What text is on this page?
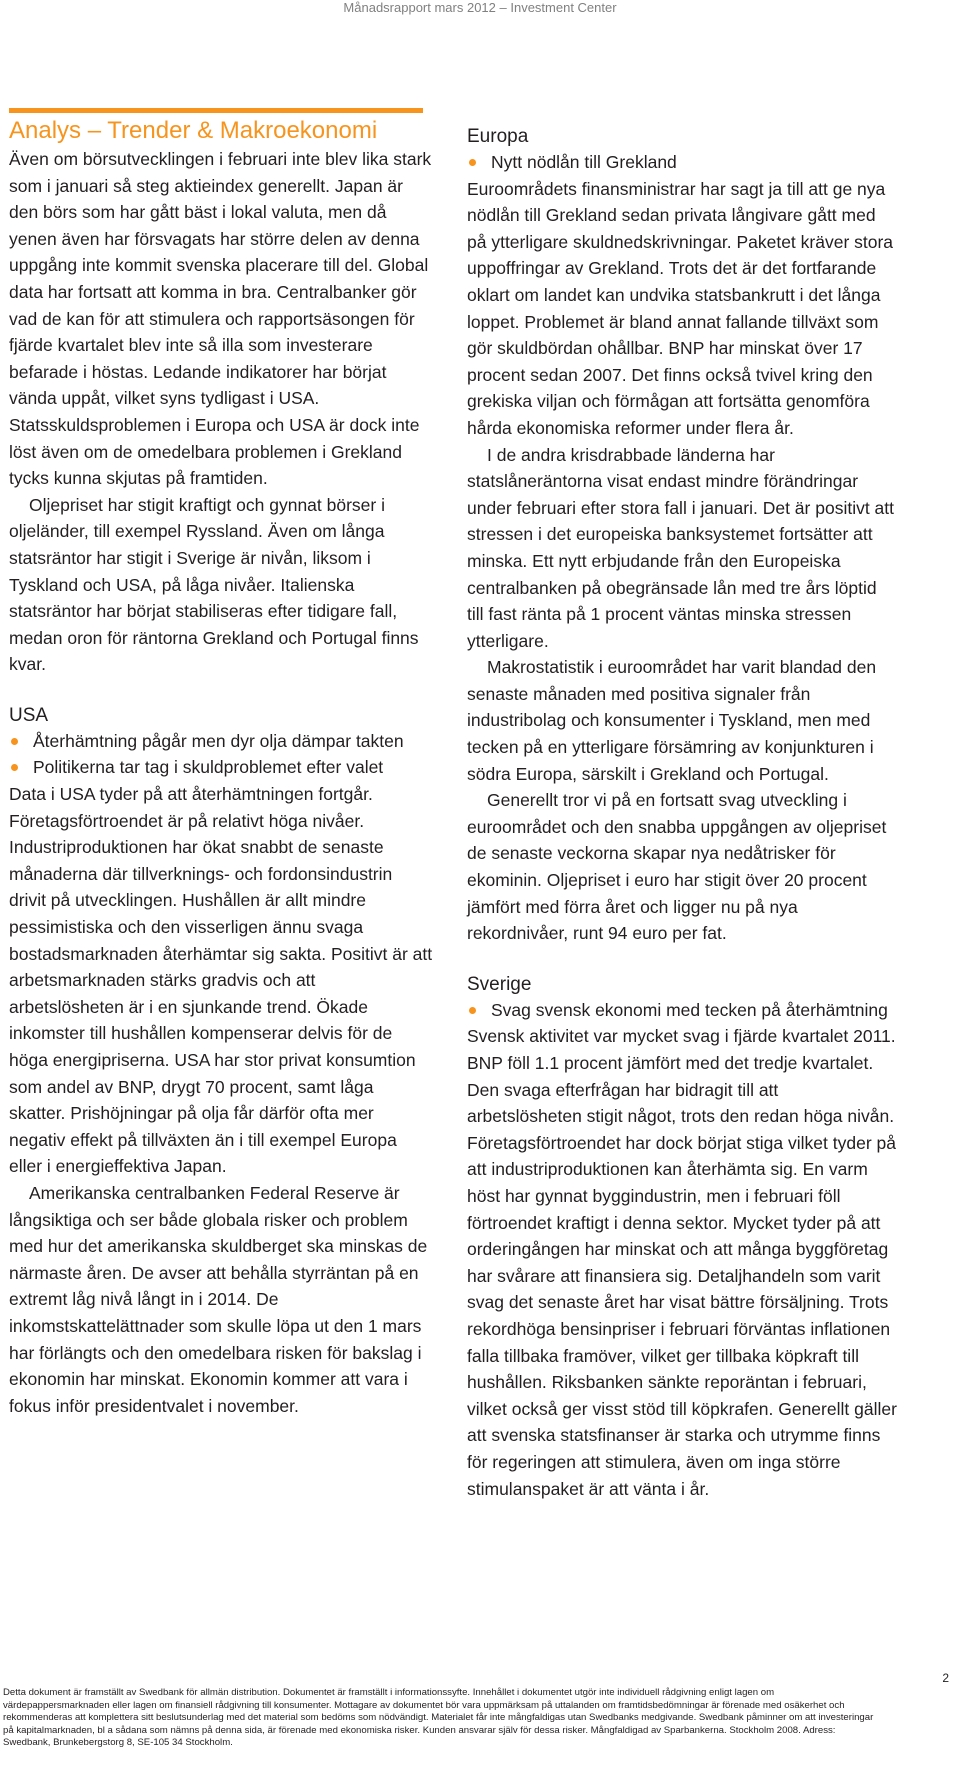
Månadsrapport mars 2012 – Investment Center
Analys – Trender & Makroekonomi

Även om börsutvecklingen i februari inte blev lika stark som i januari så steg aktieindex generellt. Japan är den börs som har gått bäst i lokal valuta, men då yenen även har försvagats har större delen av denna uppgång inte kommit svenska placerare till del. Global data har fortsatt att komma in bra. Centralbanker gör vad de kan för att stimulera och rapportsäsongen för fjärde kvartalet blev inte så illa som investerare befarade i höstas. Ledande indikatorer har börjat vända uppåt, vilket syns tydligast i USA. Statsskuldsproblemen i Europa och USA är dock inte löst även om de omedelbara problemen i Grekland tycks kunna skjutas på framtiden.

Oljepriset har stigit kraftigt och gynnat börser i oljeländer, till exempel Ryssland. Även om långa statsräntor har stigit i Sverige är nivån, liksom i Tyskland och USA, på låga nivåer. Italienska statsräntor har börjat stabiliseras efter tidigare fall, medan oron för räntorna Grekland och Portugal finns kvar.

USA
Återhämtning pågår men dyr olja dämpar takten
Politikerna tar tag i skuldproblemet efter valet

Data i USA tyder på att återhämtningen fortgår. Företagsförtroendet är på relativt höga nivåer. Industriproduktionen har ökat snabbt de senaste månaderna där tillverknings- och fordonsindustrin drivit på utvecklingen. Hushållen är allt mindre pessimistiska och den visserligen ännu svaga bostadsmarknaden återhämtar sig sakta. Positivt är att arbetsmarknaden stärks gradvis och att arbetslösheten är i en sjunkande trend. Ökade inkomster till hushållen kompenserar delvis för de höga energipriserna. USA har stor privat konsumtion som andel av BNP, drygt 70 procent, samt låga skatter. Prishöjningar på olja får därför ofta mer negativ effekt på tillväxten än i till exempel Europa eller i energieffektiva Japan.

Amerikanska centralbanken Federal Reserve är långsiktiga och ser både globala risker och problem med hur det amerikanska skuldberget ska minskas de närmaste åren. De avser att behålla styrräntan på en extremt låg nivå långt in i 2014. De inkomstskattelättnader som skulle löpa ut den 1 mars har förlängts och den omedelbara risken för bakslag i ekonomin har minskat. Ekonomin kommer att vara i fokus inför presidentvalet i november.

Europa
Nytt nödlån till Grekland

Euroområdets finansministrar har sagt ja till att ge nya nödlån till Grekland sedan privata långivare gått med på ytterligare skuldnedskrivningar. Paketet kräver stora uppoffringar av Grekland. Trots det är det fortfarande oklart om landet kan undvika statsbankrutt i det långa loppet. Problemet är bland annat fallande tillväxt som gör skuldbördan ohållbar. BNP har minskat över 17 procent sedan 2007. Det finns också tvivel kring den grekiska viljan och förmågan att fortsätta genomföra hårda ekonomiska reformer under flera år.

I de andra krisdrabbade länderna har statslåneräntorna visat endast mindre förändringar under februari efter stora fall i januari. Det är positivt att stressen i det europeiska banksystemet fortsätter att minska. Ett nytt erbjudande från den Europeiska centralbanken på obegränsade lån med tre års löptid till fast ränta på 1 procent väntas minska stressen ytterligare.

Makrostatistik i euroområdet har varit blandad den senaste månaden med positiva signaler från industribolag och konsumenter i Tyskland, men med tecken på en ytterligare försämring av konjunkturen i södra Europa, särskilt i Grekland och Portugal.

Generellt tror vi på en fortsatt svag utveckling i euroområdet och den snabba uppgången av oljepriset de senaste veckorna skapar nya nedåtrisker för ekominin. Oljepriset i euro har stigit över 20 procent jämfört med förra året och ligger nu på nya rekordnivåer, runt 94 euro per fat.

Sverige
Svag svensk ekonomi med tecken på återhämtning

Svensk aktivitet var mycket svag i fjärde kvartalet 2011. BNP föll 1.1 procent jämfört med det tredje kvartalet. Den svaga efterfrågan har bidragit till att arbetslösheten stigit något, trots den redan höga nivån. Företagsförtroendet har dock börjat stiga vilket tyder på att industriproduktionen kan återhämta sig. En varm höst har gynnat byggindustrin, men i februari föll förtroendet kraftigt i denna sektor. Mycket tyder på att orderingången har minskat och att många byggföretag har svårare att finansiera sig. Detaljhandeln som varit svag det senaste året har visat bättre försäljning. Trots rekordhöga bensinpriser i februari förväntas inflationen falla tillbaka framöver, vilket ger tillbaka köpkraft till hushållen. Riksbanken sänkte reporäntan i februari, vilket också ger visst stöd till köpkrafen. Generellt gäller att svenska statsfinanser är starka och utrymme finns för regeringen att stimulera, även om inga större stimulanspaket är att vänta i år.

2
Detta dokument är framställt av Swedbank för allmän distribution. Dokumentet är framställt i informationssyfte. Innehållet i dokumentet utgör inte individuell rådgivning enligt lagen om värdepappersmarknaden eller lagen om finansiell rådgivning till konsumenter. Mottagare av dokumentet bör vara uppmärksam på uttalanden om framtidsbedömningar är förenade med osäkerhet och rekommenderas att komplettera sitt beslutsunderlag med det material som bedöms som nödvändigt. Materialet får inte mångfaldigas utan Swedbanks medgivande. Swedbank påminner om att investeringar på kapitalmarknaden, bl a sådana som nämns på denna sida, är förenade med ekonomiska risker. Kunden ansvarar själv för dessa risker. Mångfaldigad av Sparbankerna. Stockholm 2008. Adress: Swedbank, Brunkebergstorg 8, SE-105 34 Stockholm.
